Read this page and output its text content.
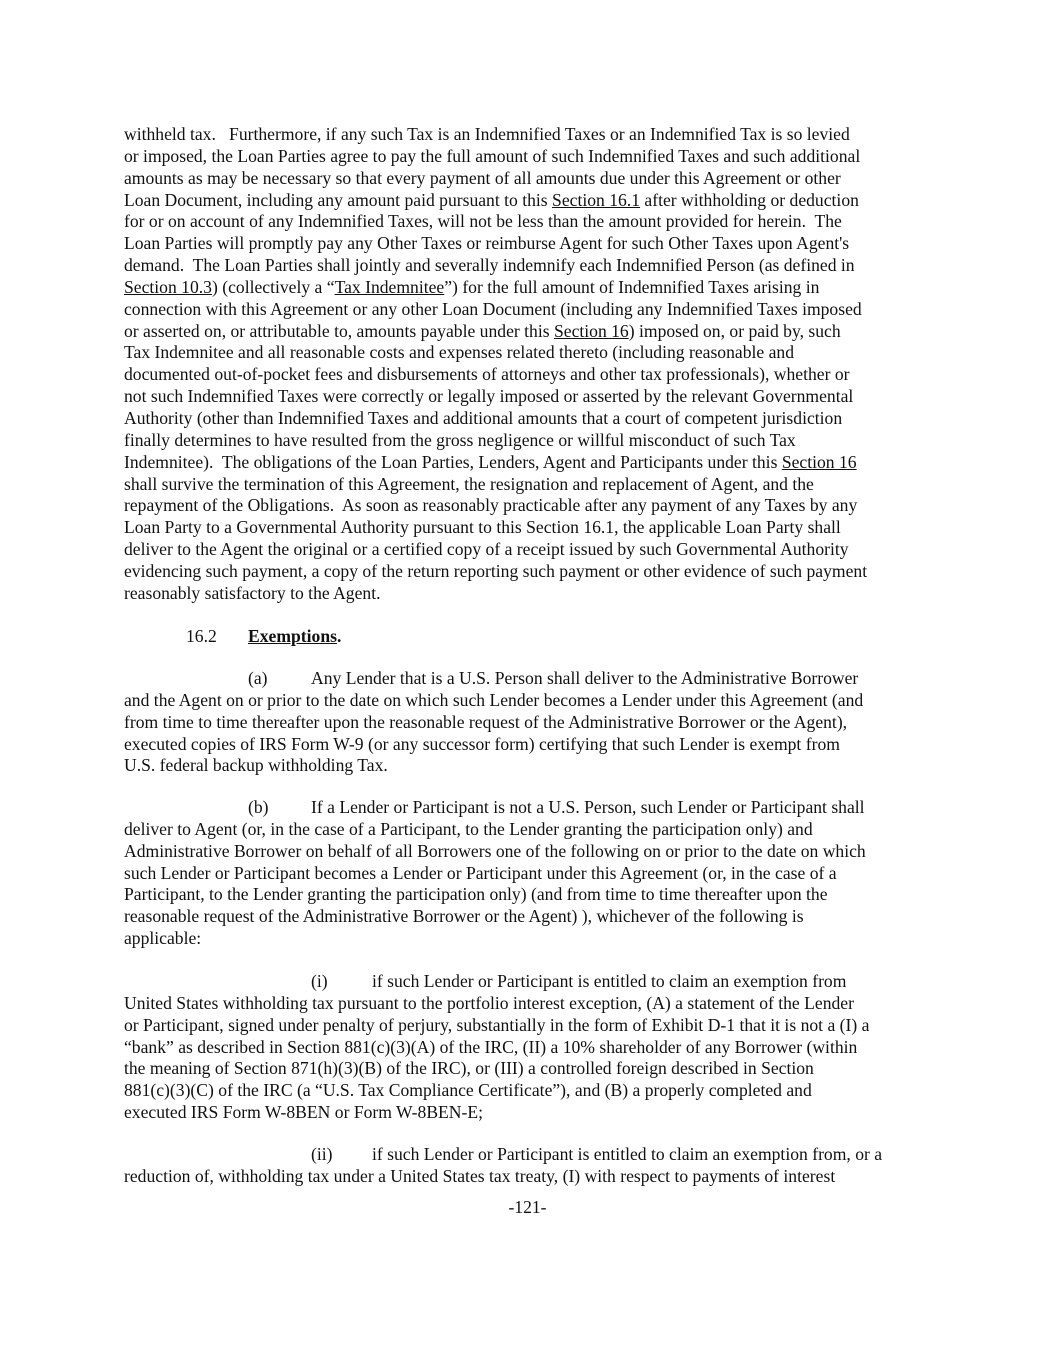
withheld tax.   Furthermore, if any such Tax is an Indemnified Taxes or an Indemnified Tax is so levied
or imposed, the Loan Parties agree to pay the full amount of such Indemnified Taxes and such additional
amounts as may be necessary so that every payment of all amounts due under this Agreement or other
Loan Document, including any amount paid pursuant to this Section 16.1 after withholding or deduction
for or on account of any Indemnified Taxes, will not be less than the amount provided for herein.  The
Loan Parties will promptly pay any Other Taxes or reimburse Agent for such Other Taxes upon Agent's
demand.  The Loan Parties shall jointly and severally indemnify each Indemnified Person (as defined in
Section 10.3) (collectively a “Tax Indemnitee”) for the full amount of Indemnified Taxes arising in
connection with this Agreement or any other Loan Document (including any Indemnified Taxes imposed
or asserted on, or attributable to, amounts payable under this Section 16) imposed on, or paid by, such
Tax Indemnitee and all reasonable costs and expenses related thereto (including reasonable and
documented out-of-pocket fees and disbursements of attorneys and other tax professionals), whether or
not such Indemnified Taxes were correctly or legally imposed or asserted by the relevant Governmental
Authority (other than Indemnified Taxes and additional amounts that a court of competent jurisdiction
finally determines to have resulted from the gross negligence or willful misconduct of such Tax
Indemnitee).  The obligations of the Loan Parties, Lenders, Agent and Participants under this Section 16
shall survive the termination of this Agreement, the resignation and replacement of Agent, and the
repayment of the Obligations.  As soon as reasonably practicable after any payment of any Taxes by any
Loan Party to a Governmental Authority pursuant to this Section 16.1, the applicable Loan Party shall
deliver to the Agent the original or a certified copy of a receipt issued by such Governmental Authority
evidencing such payment, a copy of the return reporting such payment or other evidence of such payment
reasonably satisfactory to the Agent.
16.2 Exemptions.
(a)	Any Lender that is a U.S. Person shall deliver to the Administrative Borrower
and the Agent on or prior to the date on which such Lender becomes a Lender under this Agreement (and
from time to time thereafter upon the reasonable request of the Administrative Borrower or the Agent),
executed copies of IRS Form W-9 (or any successor form) certifying that such Lender is exempt from
U.S. federal backup withholding Tax.
(b)	If a Lender or Participant is not a U.S. Person, such Lender or Participant shall
deliver to Agent (or, in the case of a Participant, to the Lender granting the participation only) and
Administrative Borrower on behalf of all Borrowers one of the following on or prior to the date on which
such Lender or Participant becomes a Lender or Participant under this Agreement (or, in the case of a
Participant, to the Lender granting the participation only) (and from time to time thereafter upon the
reasonable request of the Administrative Borrower or the Agent) ), whichever of the following is
applicable:
(i)	if such Lender or Participant is entitled to claim an exemption from
United States withholding tax pursuant to the portfolio interest exception, (A) a statement of the Lender
or Participant, signed under penalty of perjury, substantially in the form of Exhibit D-1 that it is not a (I) a
“bank” as described in Section 881(c)(3)(A) of the IRC, (II) a 10% shareholder of any Borrower (within
the meaning of Section 871(h)(3)(B) of the IRC), or (III) a controlled foreign described in Section
881(c)(3)(C) of the IRC (a “U.S. Tax Compliance Certificate”), and (B) a properly completed and
executed IRS Form W-8BEN or Form W-8BEN-E;
(ii)	if such Lender or Participant is entitled to claim an exemption from, or a
reduction of, withholding tax under a United States tax treaty, (I) with respect to payments of interest
-121-
